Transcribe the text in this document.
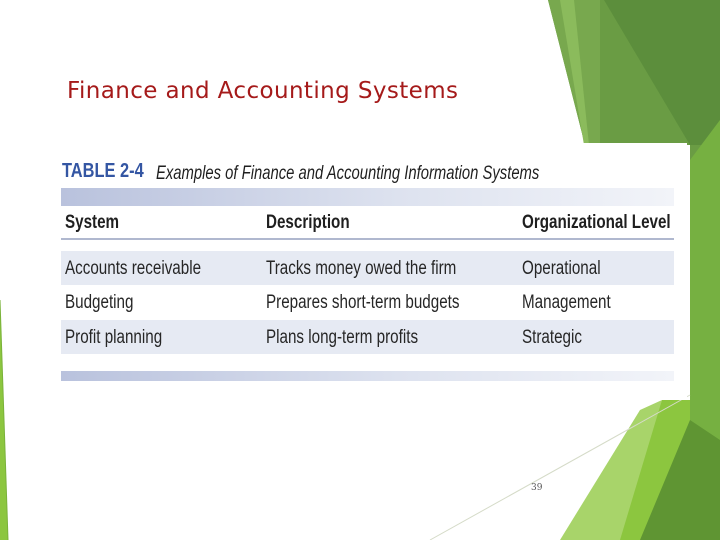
Finance and Accounting Systems
TABLE 2-4 Examples of Finance and Accounting Information Systems
System	Description	Organizational Level
Accounts receivable	Tracks money owed the firm	Operational
Budgeting	Prepares short-term budgets	Management
Profit planning	Plans long-term profits	Strategic
39
